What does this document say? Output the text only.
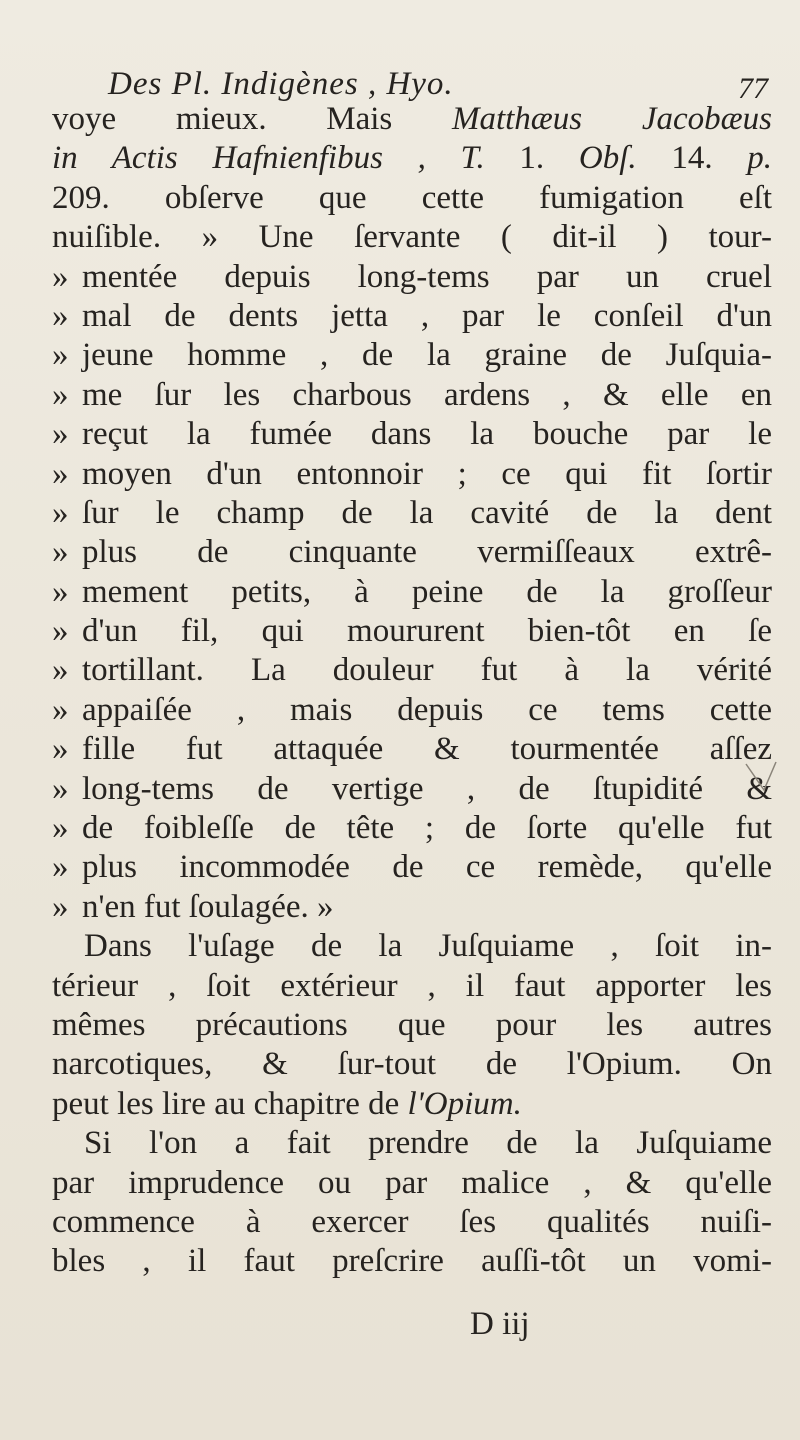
Des Pl. Indigènes , Hyo.	77
voye mieux. Mais Matthæus Jacobæus
in Actis Hafnienfibus , T. 1. Obſ. 14. p.
209. obſerve que cette fumigation eſt
nuiſible. » Une ſervante ( dit-il ) tour-
» mentée depuis long-tems par un cruel
» mal de dents jetta , par le conſeil d'un
» jeune homme , de la graine de Juſquia-
» me ſur les charbous ardens , & elle en
» reçut la fumée dans la bouche par le
» moyen d'un entonnoir ; ce qui fit ſortir
» ſur le champ de la cavité de la dent
» plus de cinquante vermiſſeaux extrê-
» mement petits, à peine de la groſſeur
» d'un fil, qui moururent bien-tôt en ſe
» tortillant. La douleur fut à la vérité
» appaiſée , mais depuis ce tems cette
» fille fut attaquée & tourmentée aſſez
» long-tems de vertige , de ſtupidité &
» de foibleſſe de tête ; de ſorte qu'elle fut
» plus incommodée de ce remède, qu'elle
» n'en fut ſoulagée. »
Dans l'uſage de la Juſquiame , ſoit in-
térieur , ſoit extérieur , il faut apporter les
mêmes précautions que pour les autres
narcotiques, & ſur-tout de l'Opium. On
peut les lire au chapitre de l'Opium.
Si l'on a fait prendre de la Juſquiame
par imprudence ou par malice , & qu'elle
commence à exercer ſes qualités nuiſi-
bles , il faut preſcrire auſſi-tôt un vomi-
D iij
